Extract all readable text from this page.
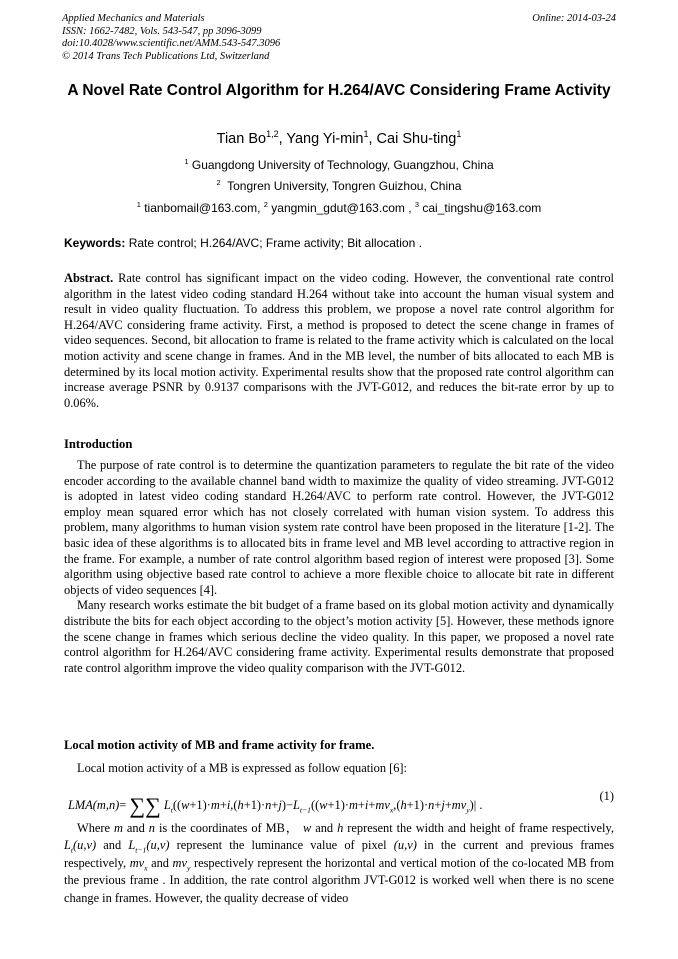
Applied Mechanics and Materials
ISSN: 1662-7482, Vols. 543-547, pp 3096-3099
doi:10.4028/www.scientific.net/AMM.543-547.3096
© 2014 Trans Tech Publications Ltd, Switzerland
Online: 2014-03-24
A Novel Rate Control Algorithm for H.264/AVC Considering Frame Activity
Tian Bo$^{1,2}$, Yang $Yi-\min^1$, Cai Shu-ting$^1$
$^1$ Guangdong University of Technology, Guangzhou, China
$^2$ Tongren University, Tongren Guizhou, China
$^1$ tianbomail@163.com, $^2$ yangmin_gdut@163.com , $^3$ cai_tingshu@163.com
Keywords: Rate control; H.264/AVC; Frame activity; Bit allocation .

Abstract. Rate control has significant impact on the video coding. However, the conventional rate control algorithm in the latest video coding standard H.264 without take into account the human visual system and result in video quality fluctuation. To address this problem, we propose a novel rate control algorithm for H.264/AVC considering frame activity. First, a method is proposed to detect the scene change in frames of video sequences. Second, bit allocation to frame is related to the frame activity which is calculated on the local motion activity and scene change in frames. And in the MB level, the number of bits allocated to each MB is determined by its local motion activity. Experimental results show that the proposed rate control algorithm can increase average PSNR by 0.9137 comparisons with the JVT-G012, and reduces the bit-rate error by up to 0.06%.

Introduction

The purpose of rate control is to determine the quantization parameters to regulate the bit rate of the video encoder according to the available channel band width to maximize the quality of video streaming. JVT-G012 is adopted in latest video coding standard H.264/AVC to perform rate control. However, the JVT-G012 employ mean squared error which has not closely correlated with human vision system. To address this problem, many algorithms to human vision system rate control have been proposed in the literature [1-2]. The basic idea of these algorithms is to allocated bits in frame level and MB level according to attractive region in the frame. For example, a number of rate control algorithm based region of interest were proposed [3]. Some algorithm using objective based rate control to achieve a more flexible choice to allocate bit rate in different objects of video sequences [4].

Many research works estimate the bit budget of a frame based on its global motion activity and dynamically distribute the bits for each object according to the object’s motion activity [5]. However, these methods ignore the scene change in frames which serious decline the video quality. In this paper, we proposed a novel rate control algorithm for H.264/AVC considering frame activity. Experimental results demonstrate that proposed rate control algorithm improve the video quality comparison with the JVT-G012.

Local motion activity of MB and frame activity for frame.

Local motion activity of a MB is expressed as follow equation [6]:

LMA(m,n)= ∑∑ $L_t((w+1)\cdot m+i,(h+1)\cdot n+j)-L_{t-1}((w+1)\cdot m+i+mv_x,(h+1)\cdot n+j+mv_y)|$ .
(1)

Where m and n is the coordinates of MB， w and h represent the width and height of frame respectively, $L_t(u,v)$ and $L_{t-1}(u,v)$ represent the luminance value of pixel (u,v) in the current and previous frames respectively, $mv_x$ and $mv_y$ respectively represent the horizontal and vertical motion of the co-located MB from the previous frame . In addition, the rate control algorithm JVT-G012 is worked well when there is no scene change in frames. However, the quality decrease of video
